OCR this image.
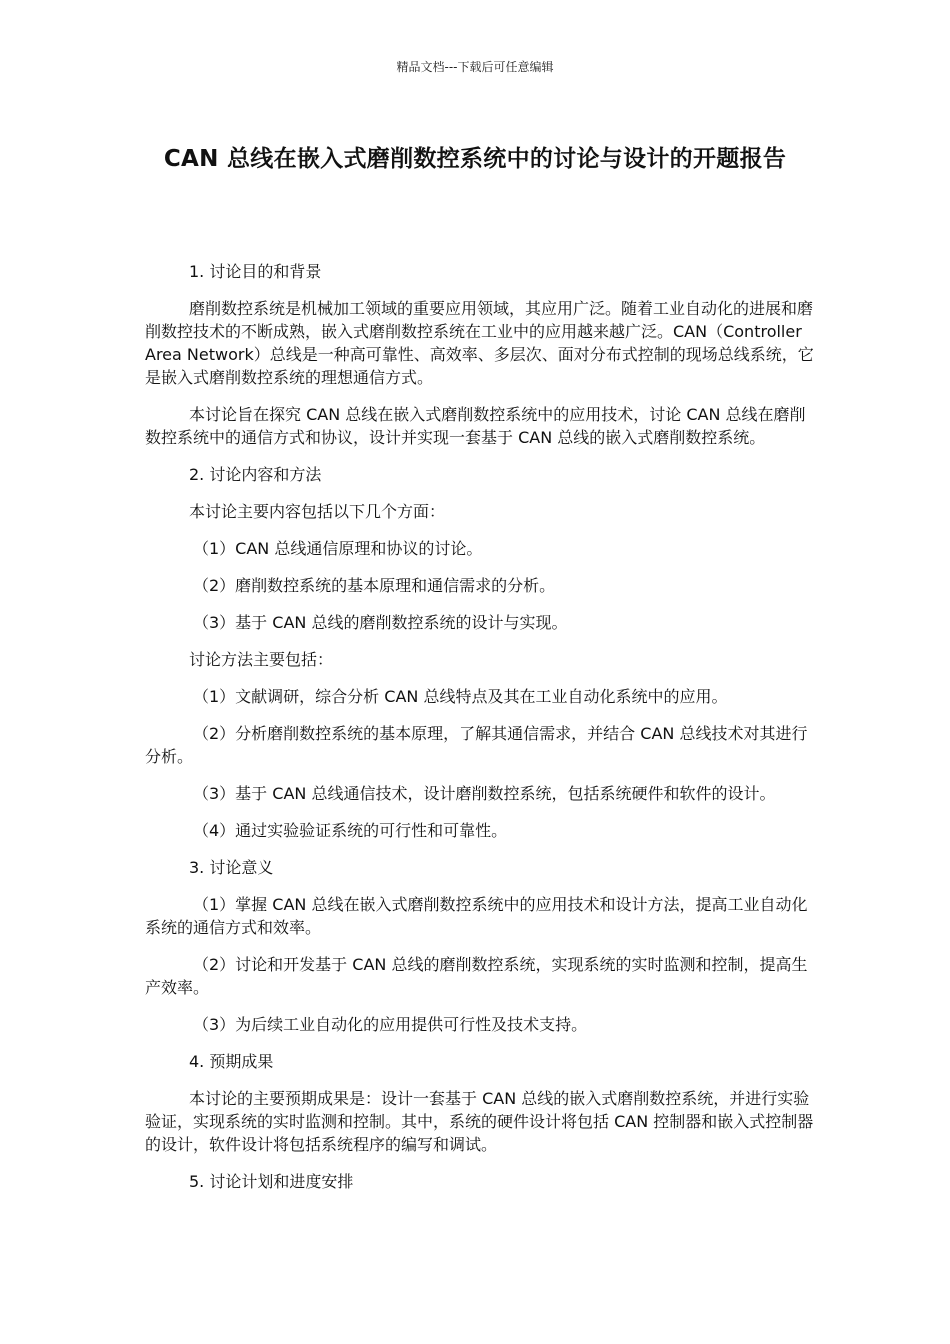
精品文档---下载后可任意编辑
CAN 总线在嵌入式磨削数控系统中的讨论与设计的开题报告

1. 讨论目的和背景

磨削数控系统是机械加工领域的重要应用领域，其应用广泛。随着工业自动化的进展和磨削数控技术的不断成熟，嵌入式磨削数控系统在工业中的应用越来越广泛。CAN（Controller Area Network）总线是一种高可靠性、高效率、多层次、面对分布式控制的现场总线系统，它是嵌入式磨削数控系统的理想通信方式。

本讨论旨在探究 CAN 总线在嵌入式磨削数控系统中的应用技术，讨论 CAN 总线在磨削数控系统中的通信方式和协议，设计并实现一套基于 CAN 总线的嵌入式磨削数控系统。

2. 讨论内容和方法

本讨论主要内容包括以下几个方面：

（1）CAN 总线通信原理和协议的讨论。

（2）磨削数控系统的基本原理和通信需求的分析。

（3）基于 CAN 总线的磨削数控系统的设计与实现。

讨论方法主要包括：

（1）文献调研，综合分析 CAN 总线特点及其在工业自动化系统中的应用。

（2）分析磨削数控系统的基本原理，了解其通信需求，并结合 CAN 总线技术对其进行分析。

（3）基于 CAN 总线通信技术，设计磨削数控系统，包括系统硬件和软件的设计。

（4）通过实验验证系统的可行性和可靠性。

3. 讨论意义

（1）掌握 CAN 总线在嵌入式磨削数控系统中的应用技术和设计方法，提高工业自动化系统的通信方式和效率。

（2）讨论和开发基于 CAN 总线的磨削数控系统，实现系统的实时监测和控制，提高生产效率。

（3）为后续工业自动化的应用提供可行性及技术支持。

4. 预期成果

本讨论的主要预期成果是：设计一套基于 CAN 总线的嵌入式磨削数控系统，并进行实验验证，实现系统的实时监测和控制。其中，系统的硬件设计将包括 CAN 控制器和嵌入式控制器的设计，软件设计将包括系统程序的编写和调试。

5. 讨论计划和进度安排
